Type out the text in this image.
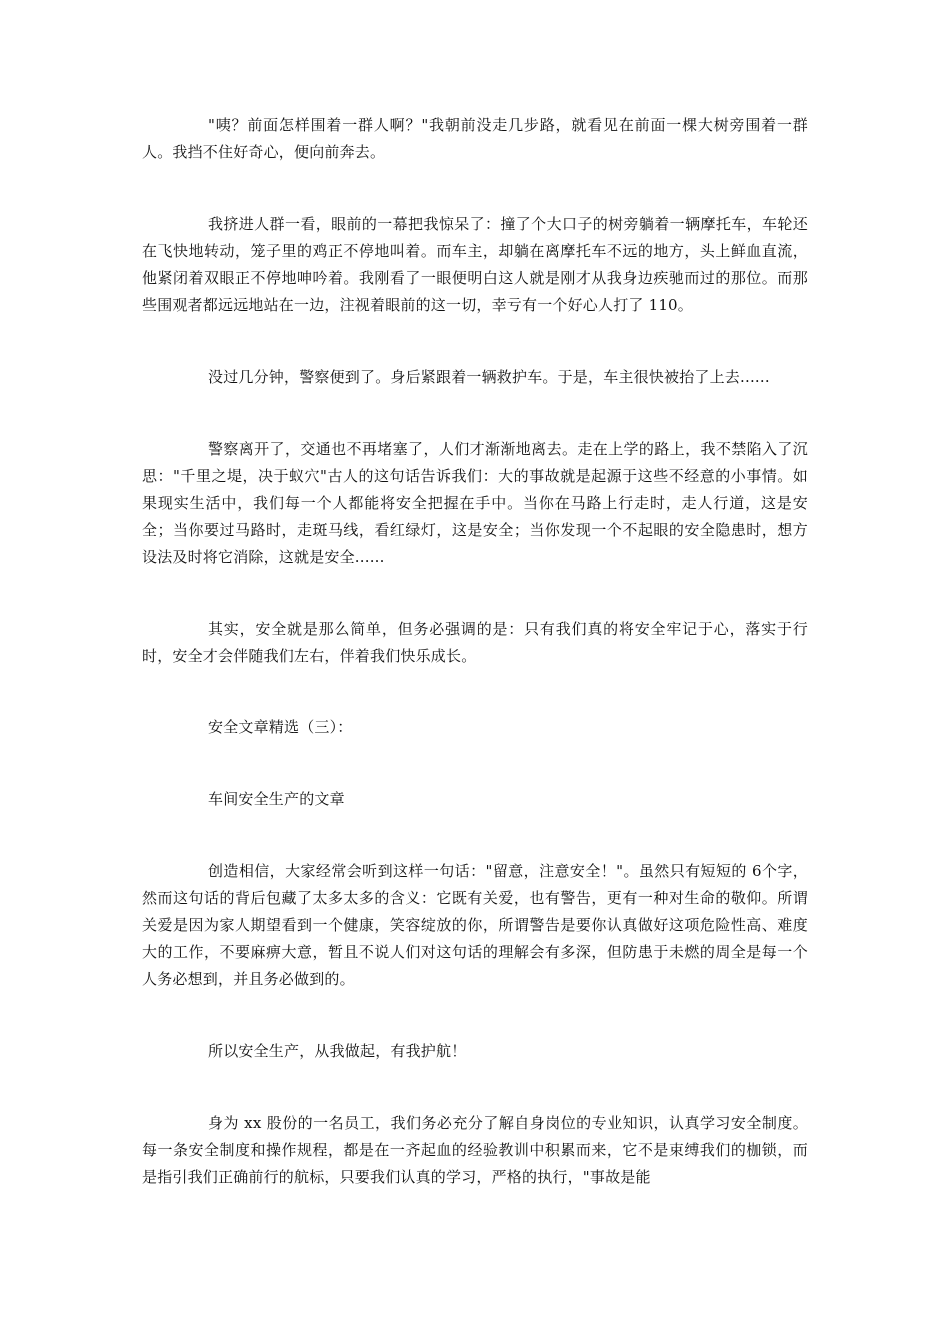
"咦？前面怎样围着一群人啊？"我朝前没走几步路，就看见在前面一棵大树旁围着一群人。我挡不住好奇心，便向前奔去。

我挤进人群一看，眼前的一幕把我惊呆了：撞了个大口子的树旁躺着一辆摩托车，车轮还在飞快地转动，笼子里的鸡正不停地叫着。而车主，却躺在离摩托车不远的地方，头上鲜血直流，他紧闭着双眼正不停地呻吟着。我刚看了一眼便明白这人就是刚才从我身边疾驰而过的那位。而那些围观者都远远地站在一边，注视着眼前的这一切，幸亏有一个好心人打了 110。

没过几分钟，警察便到了。身后紧跟着一辆救护车。于是，车主很快被抬了上去......

警察离开了，交通也不再堵塞了，人们才渐渐地离去。走在上学的路上，我不禁陷入了沉思："千里之堤，决于蚁穴"古人的这句话告诉我们：大的事故就是起源于这些不经意的小事情。如果现实生活中，我们每一个人都能将安全把握在手中。当你在马路上行走时，走人行道，这是安全；当你要过马路时，走斑马线，看红绿灯，这是安全；当你发现一个不起眼的安全隐患时，想方设法及时将它消除，这就是安全......

其实，安全就是那么简单，但务必强调的是：只有我们真的将安全牢记于心，落实于行时，安全才会伴随我们左右，伴着我们快乐成长。

安全文章精选（三）：

车间安全生产的文章

创造相信，大家经常会听到这样一句话："留意，注意安全！"。虽然只有短短的 6个字，然而这句话的背后包藏了太多太多的含义：它既有关爱，也有警告，更有一种对生命的敬仰。所谓关爱是因为家人期望看到一个健康，笑容绽放的你，所谓警告是要你认真做好这项危险性高、难度大的工作，不要麻痹大意，暂且不说人们对这句话的理解会有多深，但防患于未燃的周全是每一个人务必想到，并且务必做到的。

所以安全生产，从我做起，有我护航！

身为 xx 股份的一名员工，我们务必充分了解自身岗位的专业知识，认真学习安全制度。每一条安全制度和操作规程，都是在一齐起血的经验教训中积累而来，它不是束缚我们的枷锁，而是指引我们正确前行的航标，只要我们认真的学习，严格的执行，"事故是能
